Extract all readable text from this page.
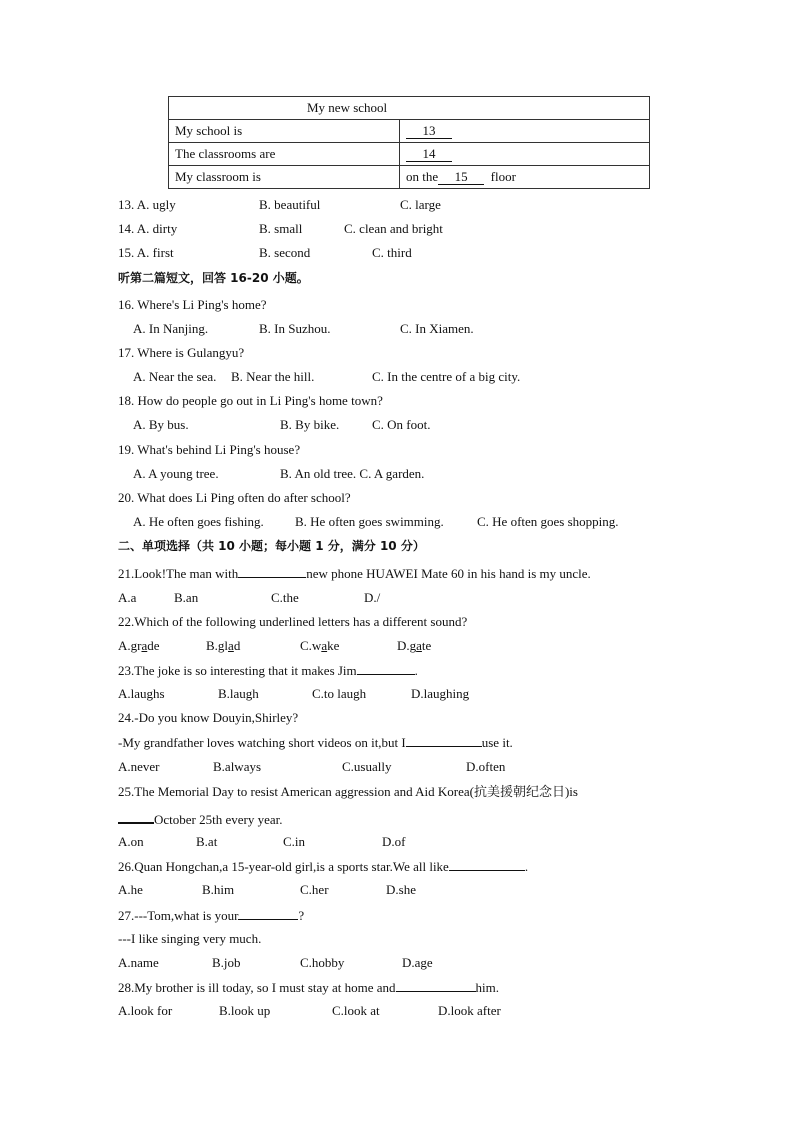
My new school	
My school is	13
The classrooms are	14
My classroom is	on the 15 floor
13. A. ugly	B. beautiful	C. large
14. A. dirty	B. small	C. clean and bright
15. A. first	B. second	C. third
听第二篇短文，回答 16-20 小题。
16. Where's Li Ping's home?
A. In Nanjing.	B. In Suzhou.	C. In Xiamen.
17. Where is Gulangyu?
A. Near the sea. B. Near the hill.	C. In the centre of a big city.
18. How do people go out in Li Ping's home town?
A. By bus.	B. By bike.	C. On foot.
19. What's behind Li Ping's house?
A. A young tree.	B. An old tree. C. A garden.
20. What does Li Ping often do after school?
A. He often goes fishing. B. He often goes swimming.	C. He often goes shopping.
二、单项选择（共 10 小题；每小题 1 分，满分 10 分）
21.Look!The man with	new phone HUAWEI Mate 60 in his hand is my uncle.
A.a	B.an	C.the	D./
22.Which of the following underlined letters has a different sound?
A.grade	B.glad	C.wake	D.gate
23.The joke is so interesting that it makes Jim	.
A.laughs	B.laugh	C.to laugh	D.laughing
24.-Do you know Douyin,Shirley?
-My grandfather loves watching short videos on it,but I	use it.
A.never	B.always	C.usually	D.often
25.The Memorial Day to resist American aggression and Aid Korea(抗美援朝纪念日)is
October 25th every year.
A.on	B.at	C.in	D.of
26.Quan Hongchan,a 15-year-old girl,is a sports star.We all like	.
A.he	B.him	C.her	D.she
27.---Tom,what is your	?
---I like singing very much.
A.name	B.job	C.hobby	D.age
28.My brother is ill today, so I must stay at home and	him.
A.look for	B.look up	C.look at	D.look after
